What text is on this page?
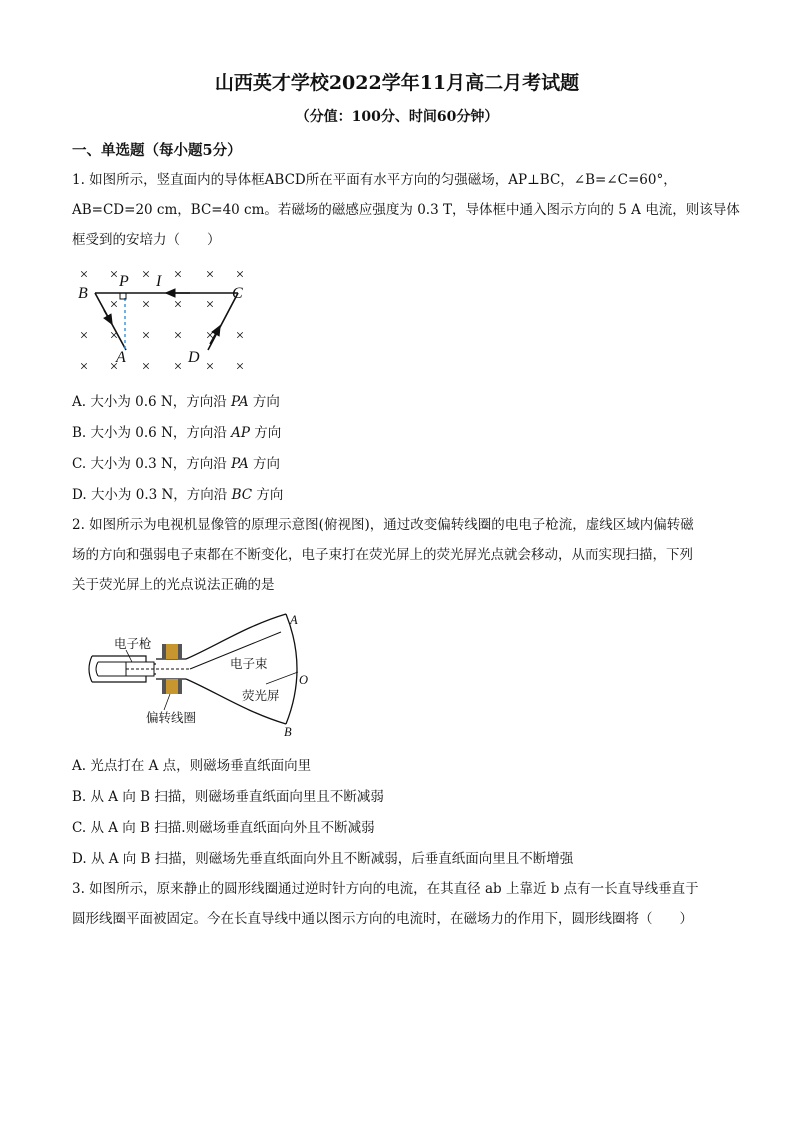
山西英才学校2022学年11月高二月考试题
（分值：100分、时间60分钟）
一、单选题（每小题5分）
1. 如图所示，竖直面内的导体框ABCD所在平面有水平方向的匀强磁场，AP⊥BC，∠B=∠C=60°，
AB=CD=20 cm，BC=40 cm。若磁场的磁感应强度为 0.3 T，导体框中通入图示方向的 5 A 电流，则该导体
框受到的安培力（　　）
× × × × × ×
× × × ×
× × × × × ×
× × × × × ×
B
P I
C
A	D
A. 大小为 0.6 N，方向沿 PA 方向
B. 大小为 0.6 N，方向沿 AP 方向
C. 大小为 0.3 N，方向沿 PA 方向
D. 大小为 0.3 N，方向沿 BC 方向
2. 如图所示为电视机显像管的原理示意图(俯视图)，通过改变偏转线圈的电电子枪流，虚线区域内偏转磁
场的方向和强弱电子束都在不断变化，电子束打在荧光屏上的荧光屏光点就会移动，从而实现扫描，下列
关于荧光屏上的光点说法正确的是
电子枪
电子束
荧光屏
偏转线圈
A
O
B
A. 光点打在 A 点，则磁场垂直纸面向里
B. 从 A 向 B 扫描，则磁场垂直纸面向里且不断减弱
C. 从 A 向 B 扫描.则磁场垂直纸面向外且不断减弱
D. 从 A 向 B 扫描，则磁场先垂直纸面向外且不断减弱，后垂直纸面向里且不断增强
3. 如图所示，原来静止的圆形线圈通过逆时针方向的电流，在其直径 ab 上靠近 b 点有一长直导线垂直于
圆形线圈平面被固定。今在长直导线中通以图示方向的电流时，在磁场力的作用下，圆形线圈将（　　）
